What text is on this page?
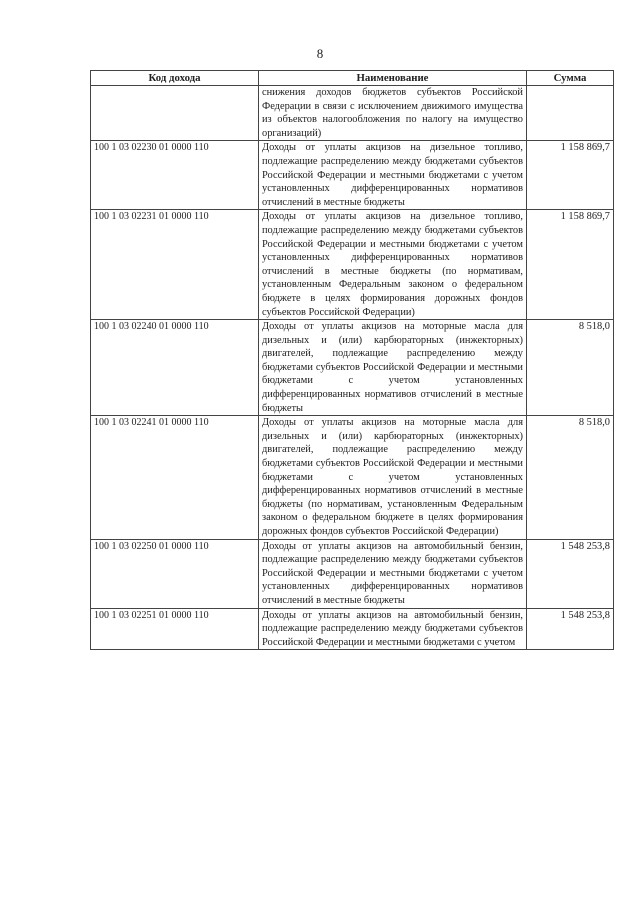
8
Код дохода	Наименование	Сумма
	снижения доходов бюджетов субъектов Российской Федерации в связи с исключением движимого имущества из объектов налогообложения по налогу на имущество организаций)	
100 1 03 02230 01 0000 110	Доходы от уплаты акцизов на дизельное топливо, подлежащие распределению между бюджетами субъектов Российской Федерации и местными бюджетами с учетом установленных дифференцированных нормативов отчислений в местные бюджеты	1 158 869,7
100 1 03 02231 01 0000 110	Доходы от уплаты акцизов на дизельное топливо, подлежащие распределению между бюджетами субъектов Российской Федерации и местными бюджетами с учетом установленных дифференцированных нормативов отчислений в местные бюджеты (по нормативам, установленным Федеральным законом о федеральном бюджете в целях формирования дорожных фондов субъектов Российской Федерации)	1 158 869,7
100 1 03 02240 01 0000 110	Доходы от уплаты акцизов на моторные масла для дизельных и (или) карбюраторных (инжекторных) двигателей, подлежащие распределению между бюджетами субъектов Российской Федерации и местными бюджетами с учетом установленных дифференцированных нормативов отчислений в местные бюджеты	8 518,0
100 1 03 02241 01 0000 110	Доходы от уплаты акцизов на моторные масла для дизельных и (или) карбюраторных (инжекторных) двигателей, подлежащие распределению между бюджетами субъектов Российской Федерации и местными бюджетами с учетом установленных дифференцированных нормативов отчислений в местные бюджеты (по нормативам, установленным Федеральным законом о федеральном бюджете в целях формирования дорожных фондов субъектов Российской Федерации)	8 518,0
100 1 03 02250 01 0000 110	Доходы от уплаты акцизов на автомобильный бензин, подлежащие распределению между бюджетами субъектов Российской Федерации и местными бюджетами с учетом установленных дифференцированных нормативов отчислений в местные бюджеты	1 548 253,8
100 1 03 02251 01 0000 110	Доходы от уплаты акцизов на автомобильный бензин, подлежащие распределению между бюджетами субъектов Российской Федерации и местными бюджетами с учетом	1 548 253,8
